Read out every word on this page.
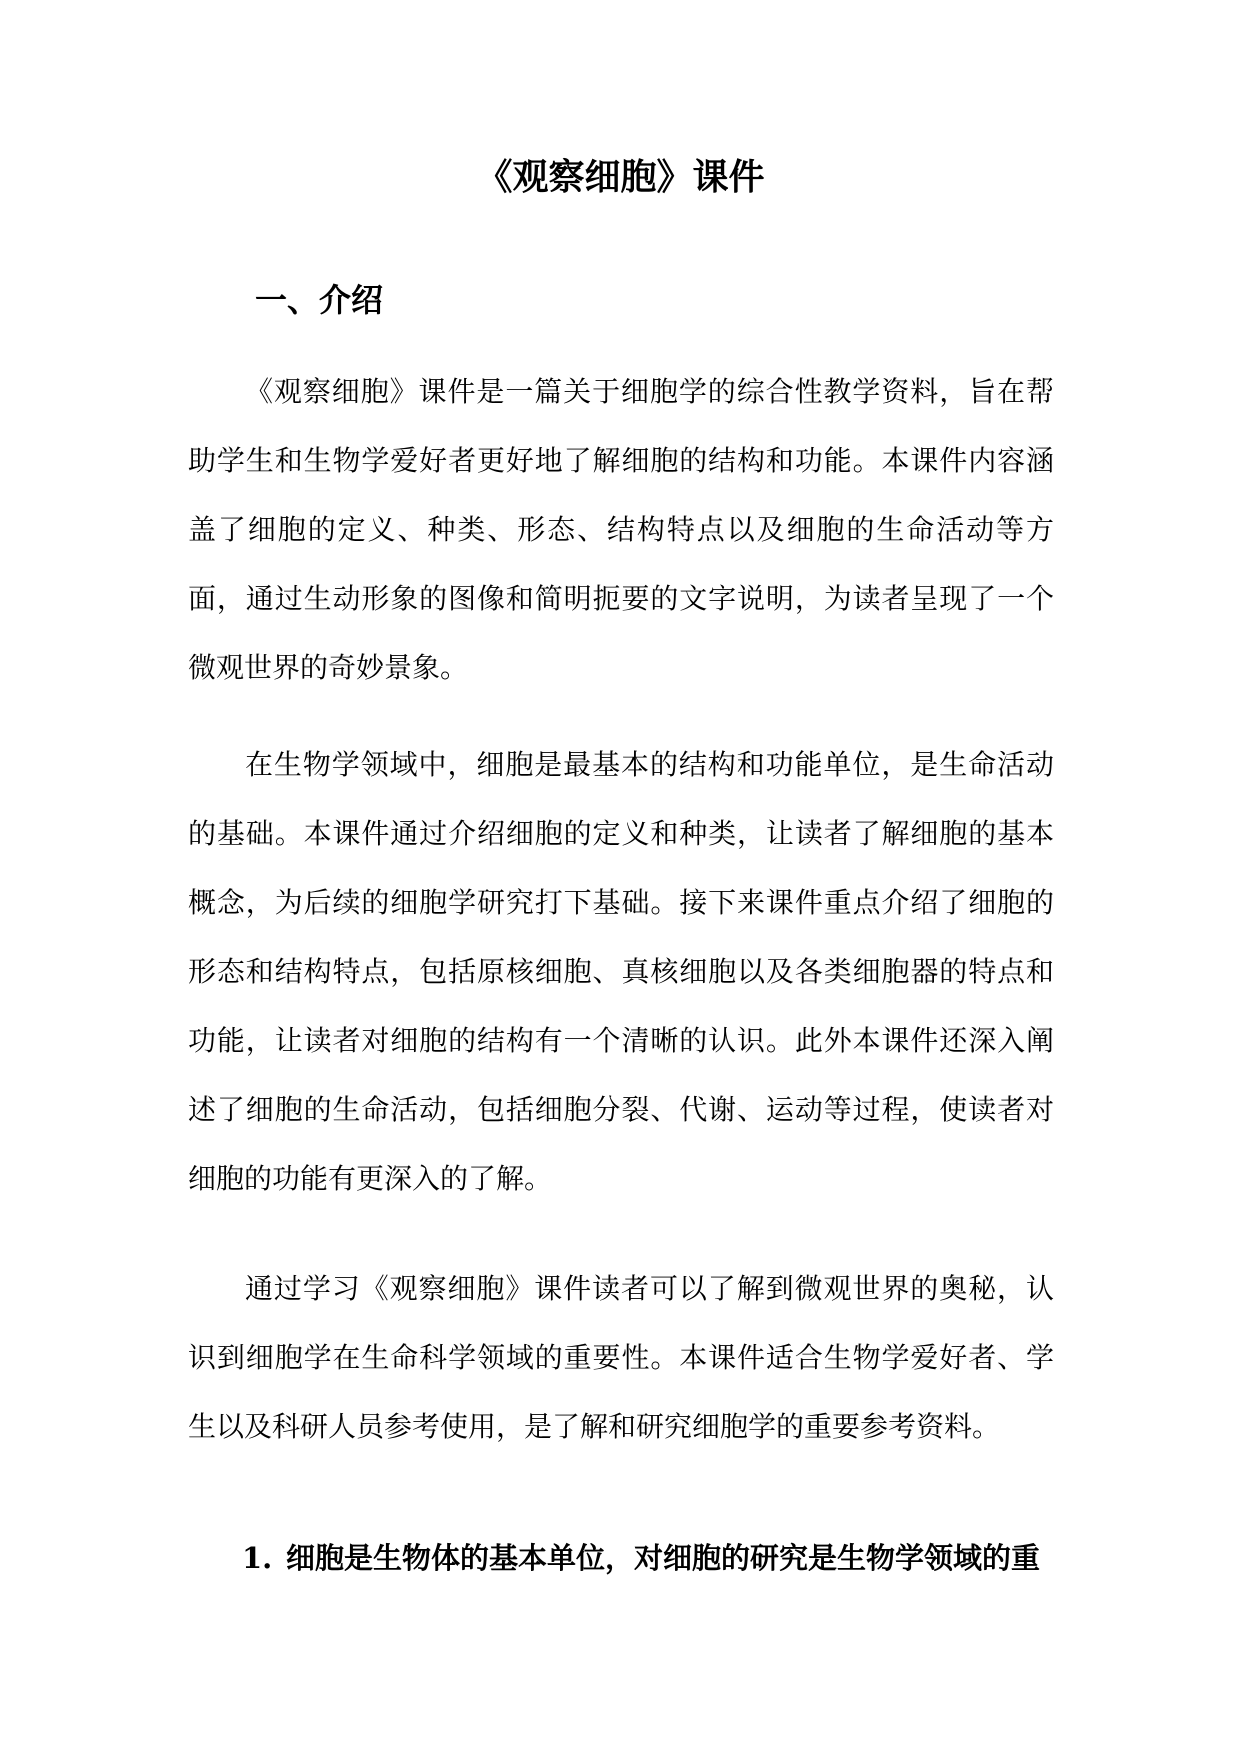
《观察细胞》课件
一、介绍

《观察细胞》课件是一篇关于细胞学的综合性教学资料，旨在帮助学生和生物学爱好者更好地了解细胞的结构和功能。本课件内容涵盖了细胞的定义、种类、形态、结构特点以及细胞的生命活动等方面，通过生动形象的图像和简明扼要的文字说明，为读者呈现了一个微观世界的奇妙景象。

在生物学领域中，细胞是最基本的结构和功能单位，是生命活动的基础。本课件通过介绍细胞的定义和种类，让读者了解细胞的基本概念，为后续的细胞学研究打下基础。接下来课件重点介绍了细胞的形态和结构特点，包括原核细胞、真核细胞以及各类细胞器的特点和功能，让读者对细胞的结构有一个清晰的认识。此外本课件还深入阐述了细胞的生命活动，包括细胞分裂、代谢、运动等过程，使读者对细胞的功能有更深入的了解。

通过学习《观察细胞》课件读者可以了解到微观世界的奥秘，认识到细胞学在生命科学领域的重要性。本课件适合生物学爱好者、学生以及科研人员参考使用，是了解和研究细胞学的重要参考资料。

1. 细胞是生物体的基本单位，对细胞的研究是生物学领域的重
